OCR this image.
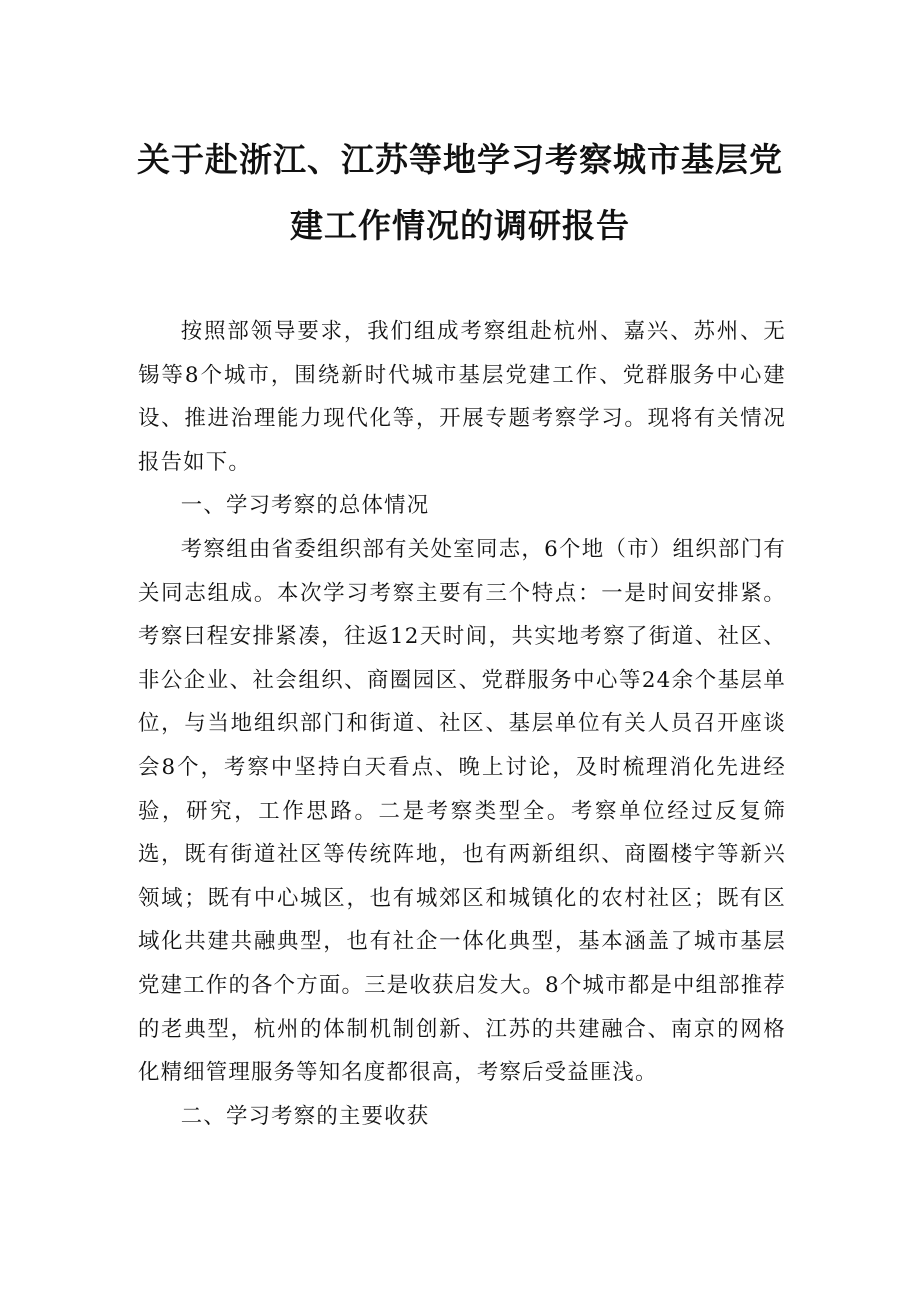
关于赴浙江、江苏等地学习考察城市基层党
建工作情况的调研报告

按照部领导要求，我们组成考察组赴杭州、嘉兴、苏州、无锡等8个城市，围绕新时代城市基层党建工作、党群服务中心建设、推进治理能力现代化等，开展专题考察学习。现将有关情况报告如下。

一、学习考察的总体情况

考察组由省委组织部有关处室同志，6个地（市）组织部门有关同志组成。本次学习考察主要有三个特点：一是时间安排紧。考察曰程安排紧凑，往返12天时间，共实地考察了街道、社区、非公企业、社会组织、商圈园区、党群服务中心等24余个基层单位，与当地组织部门和街道、社区、基层单位有关人员召开座谈会8个，考察中坚持白天看点、晚上讨论，及时梳理消化先进经验，研究，工作思路。二是考察类型全。考察单位经过反复筛选，既有街道社区等传统阵地，也有两新组织、商圈楼宇等新兴领域；既有中心城区，也有城郊区和城镇化的农村社区；既有区域化共建共融典型，也有社企一体化典型，基本涵盖了城市基层党建工作的各个方面。三是收获启发大。8个城市都是中组部推荐的老典型，杭州的体制机制创新、江苏的共建融合、南京的网格化精细管理服务等知名度都很高，考察后受益匪浅。

二、学习考察的主要收获
